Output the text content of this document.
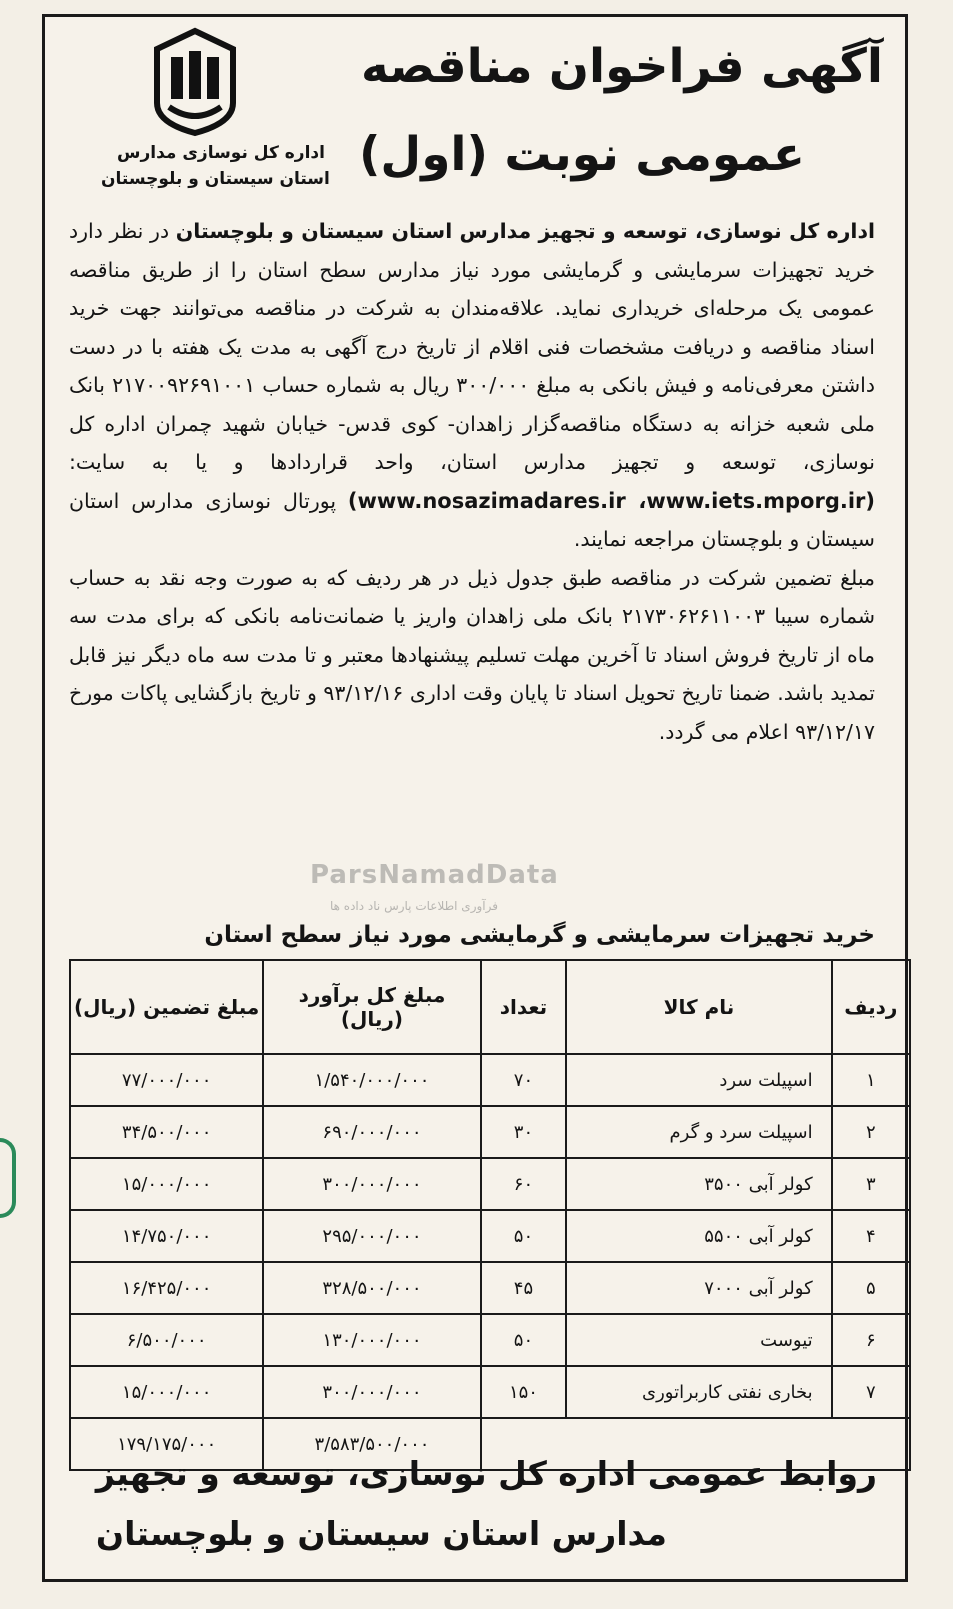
آگهی فراخوان مناقصه
عمومی نوبت (اول)
اداره کل نوسازی مدارس
استان سیستان و بلوچستان

اداره کل نوسازی، توسعه و تجهیز مدارس استان سیستان و بلوچستان در نظر دارد خرید تجهیزات سرمایشی و گرمایشی مورد نیاز مدارس سطح استان را از طریق مناقصه عمومی یک مرحله‌ای خریداری نماید. علاقه‌مندان به شرکت در مناقصه می‌توانند جهت خرید اسناد مناقصه و دریافت مشخصات فنی اقلام از تاریخ درج آگهی به مدت یک هفته با در دست داشتن معرفی‌نامه و فیش بانکی به مبلغ ۳۰۰/۰۰۰ ریال به شماره حساب ۲۱۷۰۰۹۲۶۹۱۰۰۱ بانک ملی شعبه خزانه به دستگاه مناقصه‌گزار زاهدان- کوی قدس- خیابان شهید چمران اداره کل نوسازی، توسعه و تجهیز مدارس استان، واحد قراردادها و یا به سایت: (www.nosazimadares.ir ،www.iets.mporg.ir) پورتال نوسازی مدارس استان سیستان و بلوچستان مراجعه نمایند.

مبلغ تضمین شرکت در مناقصه طبق جدول ذیل در هر ردیف که به صورت وجه نقد به حساب شماره سیبا ۲۱۷۳۰۶۲۶۱۱۰۰۳ بانک ملی زاهدان واریز یا ضمانت‌نامه بانکی که برای مدت سه ماه از تاریخ فروش اسناد تا آخرین مهلت تسلیم پیشنهادها معتبر و تا مدت سه ماه دیگر نیز قابل تمدید باشد. ضمنا تاریخ تحویل اسناد تا پایان وقت اداری ۹۳/۱۲/۱۶ و تاریخ بازگشایی پاکات مورخ ۹۳/۱۲/۱۷ اعلام می گردد.

ParsNamadData
فرآوری اطلاعات پارس ناد داده ها
خرید تجهیزات سرمایشی و گرمایشی مورد نیاز سطح استان
ردیف	نام کالا	تعداد	مبلغ کل برآورد (ریال)	مبلغ تضمین (ریال)
۱	اسپیلت سرد	۷۰	۱/۵۴۰/۰۰۰/۰۰۰	۷۷/۰۰۰/۰۰۰
۲	اسپیلت سرد و گرم	۳۰	۶۹۰/۰۰۰/۰۰۰	۳۴/۵۰۰/۰۰۰
۳	کولر آبی ۳۵۰۰	۶۰	۳۰۰/۰۰۰/۰۰۰	۱۵/۰۰۰/۰۰۰
۴	کولر آبی ۵۵۰۰	۵۰	۲۹۵/۰۰۰/۰۰۰	۱۴/۷۵۰/۰۰۰
۵	کولر آبی ۷۰۰۰	۴۵	۳۲۸/۵۰۰/۰۰۰	۱۶/۴۲۵/۰۰۰
۶	تیوست	۵۰	۱۳۰/۰۰۰/۰۰۰	۶/۵۰۰/۰۰۰
۷	بخاری نفتی کاربراتوری	۱۵۰	۳۰۰/۰۰۰/۰۰۰	۱۵/۰۰۰/۰۰۰
			۳/۵۸۳/۵۰۰/۰۰۰	۱۷۹/۱۷۵/۰۰۰
روابط عمومی اداره کل نوسازی، توسعه و تجهیز
مدارس استان سیستان و بلوچستان
